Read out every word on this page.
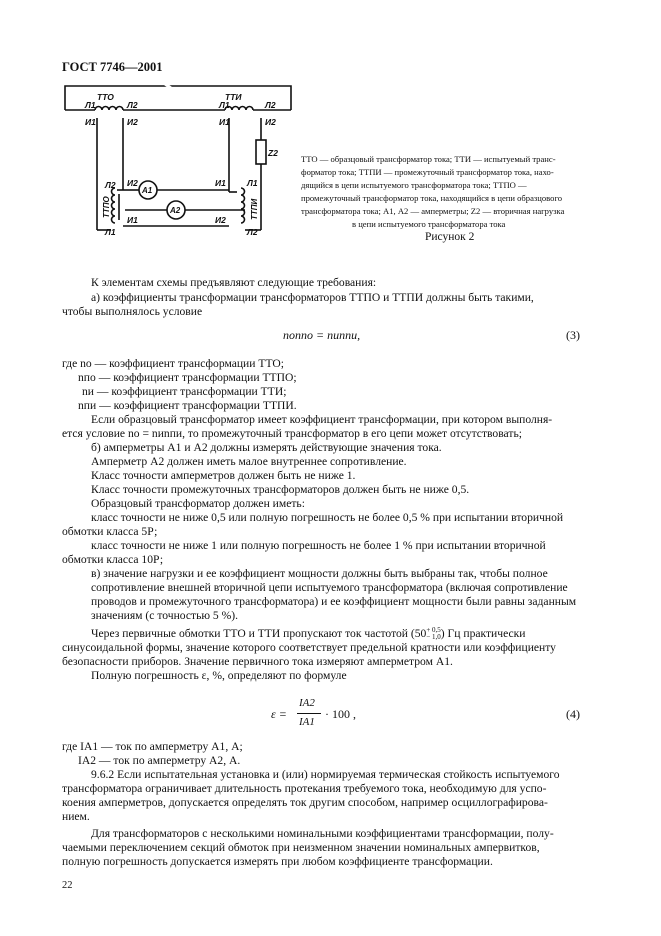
ГОСТ 7746—2001
ТТО	ТТИ
Л1	Л2
И1	И2
Л1	Л2
И1	И2
Z2
A1
A2
Л2 И2
Л1
И1
И1 Л1
И2
Л2
ТТПО	ТТПИ
ТТО — образцовый трансформатор тока; ТТИ — испытуемый транс-
форматор тока; ТТПИ — промежуточный трансформатор тока, нахо-
дящийся в цепи испытуемого трансформатора тока; ТТПО —
промежуточный трансформатор тока, находящийся в цепи образцового
трансформатора тока; А1, А2 — амперметры; Z2 — вторичная нагрузка
в цепи испытуемого трансформатора тока
Рисунок 2
К элементам схемы предъявляют следующие требования:
а) коэффициенты трансформации трансформаторов ТТПО и ТТПИ должны быть такими,
чтобы выполнялось условие
nоnпо = nиnпи,	(3)
где nо — коэффициент трансформации ТТО;
nпо — коэффициент трансформации ТТПО;
nи — коэффициент трансформации ТТИ;
nпи — коэффициент трансформации ТТПИ.
Если образцовый трансформатор имеет коэффициент трансформации, при котором выполня-
ется условие nо = nиnпи, то промежуточный трансформатор в его цепи может отсутствовать;
б) амперметры А1 и А2 должны измерять действующие значения тока.
Амперметр А2 должен иметь малое внутреннее сопротивление.
Класс точности амперметров должен быть не ниже 1.
Класс точности промежуточных трансформаторов должен быть не ниже 0,5.
Образцовый трансформатор должен иметь:
класс точности не ниже 0,5 или полную погрешность не более 0,5 % при испытании вторичной
обмотки класса 5Р;
класс точности не ниже 1 или полную погрешность не более 1 % при испытании вторичной
обмотки класса 10Р;
в) значение нагрузки и ее коэффициент мощности должны быть выбраны так, чтобы полное
сопротивление внешней вторичной цепи испытуемого трансформатора (включая сопротивление
проводов и промежуточного трансформатора) и ее коэффициент мощности были равны заданным
значениям (с точностью 5 %).
Через первичные обмотки ТТО и ТТИ пропускают ток частотой (50 + 0,5
− 1,0 ) Гц практически
синусоидальной формы, значение которого соответствует предельной кратности или коэффициенту
безопасности приборов. Значение первичного тока измеряют амперметром А1.
Полную погрешность ε, %, определяют по формуле
ε =
IA2
IA1
· 100 ,	(4)
где IA1 — ток по амперметру А1, А;
IA2 — ток по амперметру А2, А.
9.6.2 Если испытательная установка и (или) нормируемая термическая стойкость испытуемого
трансформатора ограничивает длительность протекания требуемого тока, необходимую для успо-
коения амперметров, допускается определять ток другим способом, например осциллографирова-
нием.
Для трансформаторов с несколькими номинальными коэффициентами трансформации, полу-
чаемыми переключением секций обмоток при неизменном значении номинальных ампервитков,
полную погрешность допускается измерять при любом коэффициенте трансформации.
22
